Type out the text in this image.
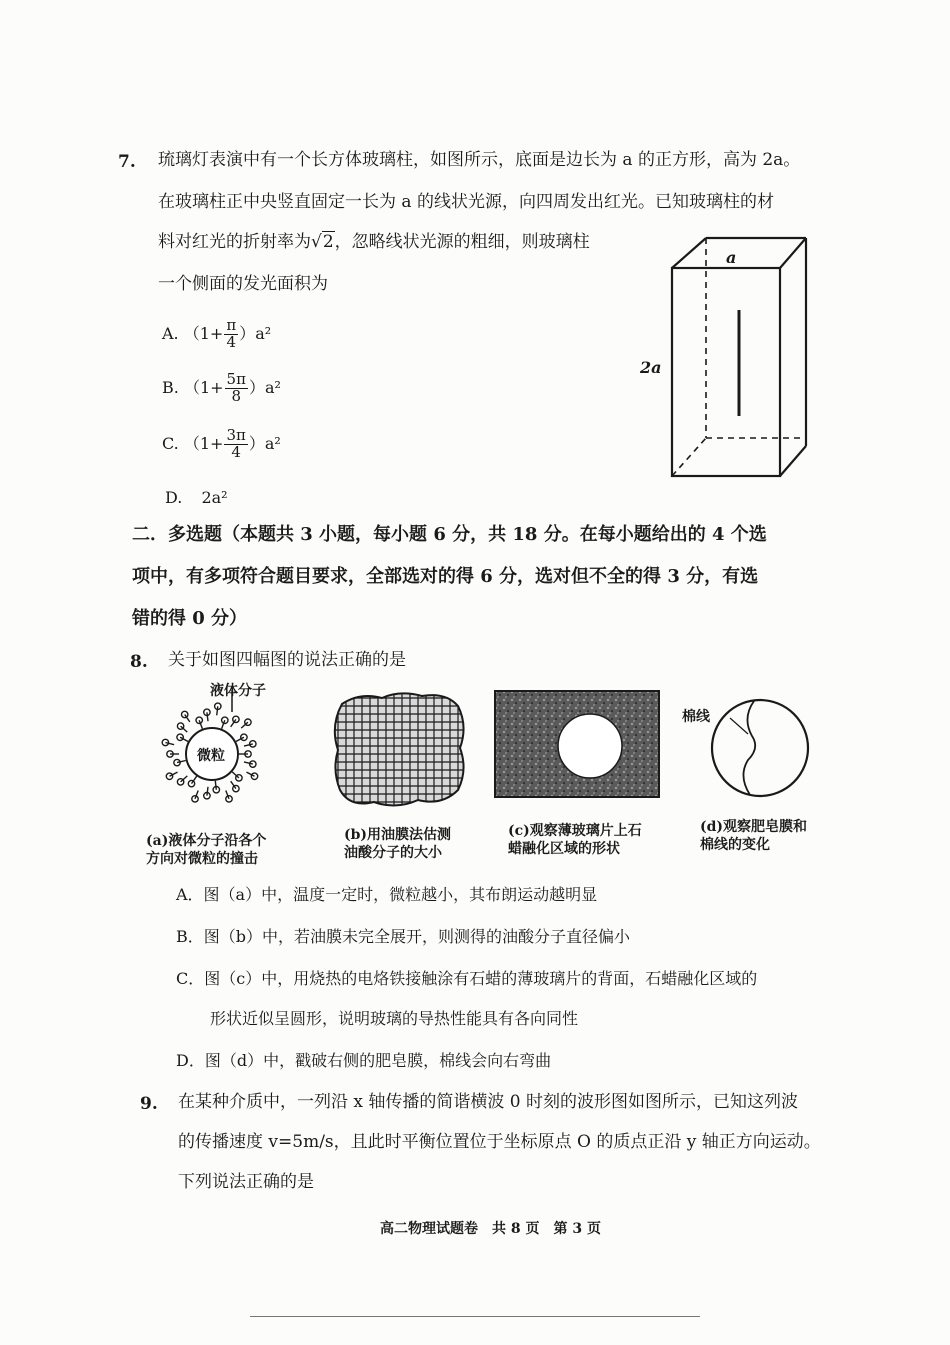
7. 琉璃灯表演中有一个长方体玻璃柱，如图所示，底面是边长为 a 的正方形，高为 2a。
在玻璃柱正中央竖直固定一长为 a 的线状光源，向四周发出红光。已知玻璃柱的材
料对红光的折射率为√2，忽略线状光源的粗细，则玻璃柱
一个侧面的发光面积为
A. $(1+ \frac{\pi}{4} )a^2$
B. $(1+ \frac{5\pi}{8} )a^2$
C. $(1+ \frac{3\pi}{4} )a^2$
D. 2a²
a
2a
二．多选题（本题共 3 小题，每小题 6 分，共 18 分。在每小题给出的 4 个选
项中，有多项符合题目要求，全部选对的得 6 分，选对但不全的得 3 分，有选
错的得 0 分）
8. 关于如图四幅图的说法正确的是
液体分子
微粒
棉线
(a)液体分子沿各个
方向对微粒的撞击
(b)用油膜法估测
油酸分子的大小
(c)观察薄玻璃片上石
蜡融化区域的形状
(d)观察肥皂膜和
棉线的变化
A．图（a）中，温度一定时，微粒越小，其布朗运动越明显
B．图（b）中，若油膜未完全展开，则测得的油酸分子直径偏小
C．图（c）中，用烧热的电烙铁接触涂有石蜡的薄玻璃片的背面，石蜡融化区域的
形状近似呈圆形，说明玻璃的导热性能具有各向同性
D．图（d）中，戳破右侧的肥皂膜，棉线会向右弯曲
9. 在某种介质中，一列沿 x 轴传播的简谐横波 0 时刻的波形图如图所示，已知这列波
的传播速度 v=5m/s，且此时平衡位置位于坐标原点 O 的质点正沿 y 轴正方向运动。
下列说法正确的是
高二物理试题卷　共 8 页　第 3 页
